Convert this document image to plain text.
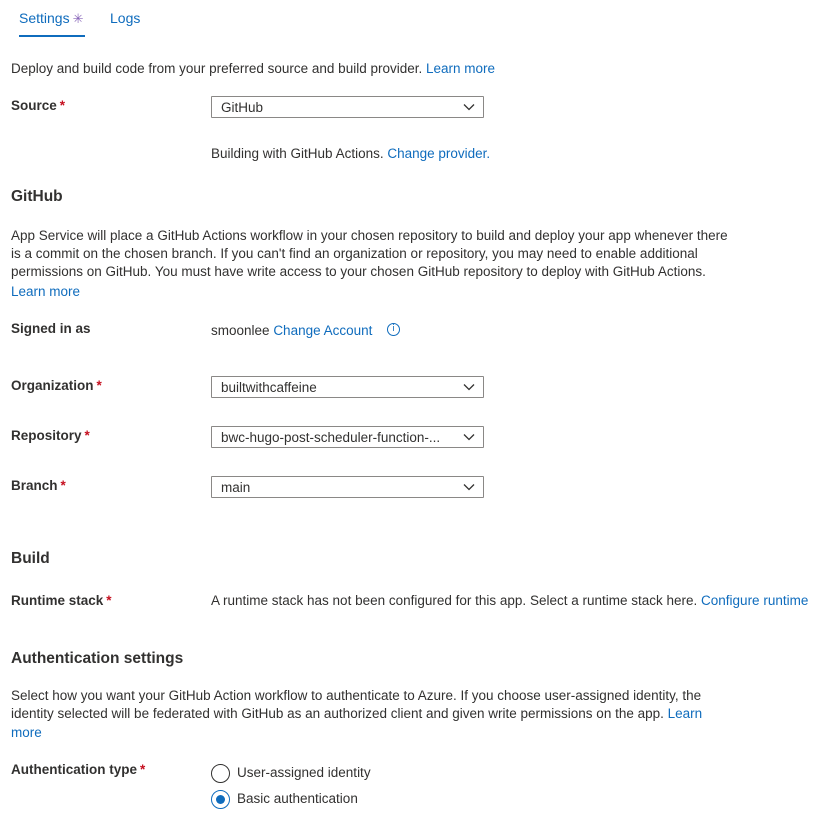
Settings ✳ Logs
Deploy and build code from your preferred source and build provider. Learn more
Source *	GitHub
Building with GitHub Actions. Change provider.
GitHub
App Service will place a GitHub Actions workflow in your chosen repository to build and deploy your app whenever there
is a commit on the chosen branch. If you can't find an organization or repository, you may need to enable additional
permissions on GitHub. You must have write access to your chosen GitHub repository to deploy with GitHub Actions.
Learn more
Signed in as	smoonlee Change Account	i
Organization *	builtwithcaffeine
Repository *	bwc-hugo-post-scheduler-function-...
Branch *	main
Build
Runtime stack *	A runtime stack has not been configured for this app. Select a runtime stack here. Configure runtime
Authentication settings
Select how you want your GitHub Action workflow to authenticate to Azure. If you choose user-assigned identity, the
identity selected will be federated with GitHub as an authorized client and given write permissions on the app. Learn
more
Authentication type *	User-assigned identity
Basic authentication
